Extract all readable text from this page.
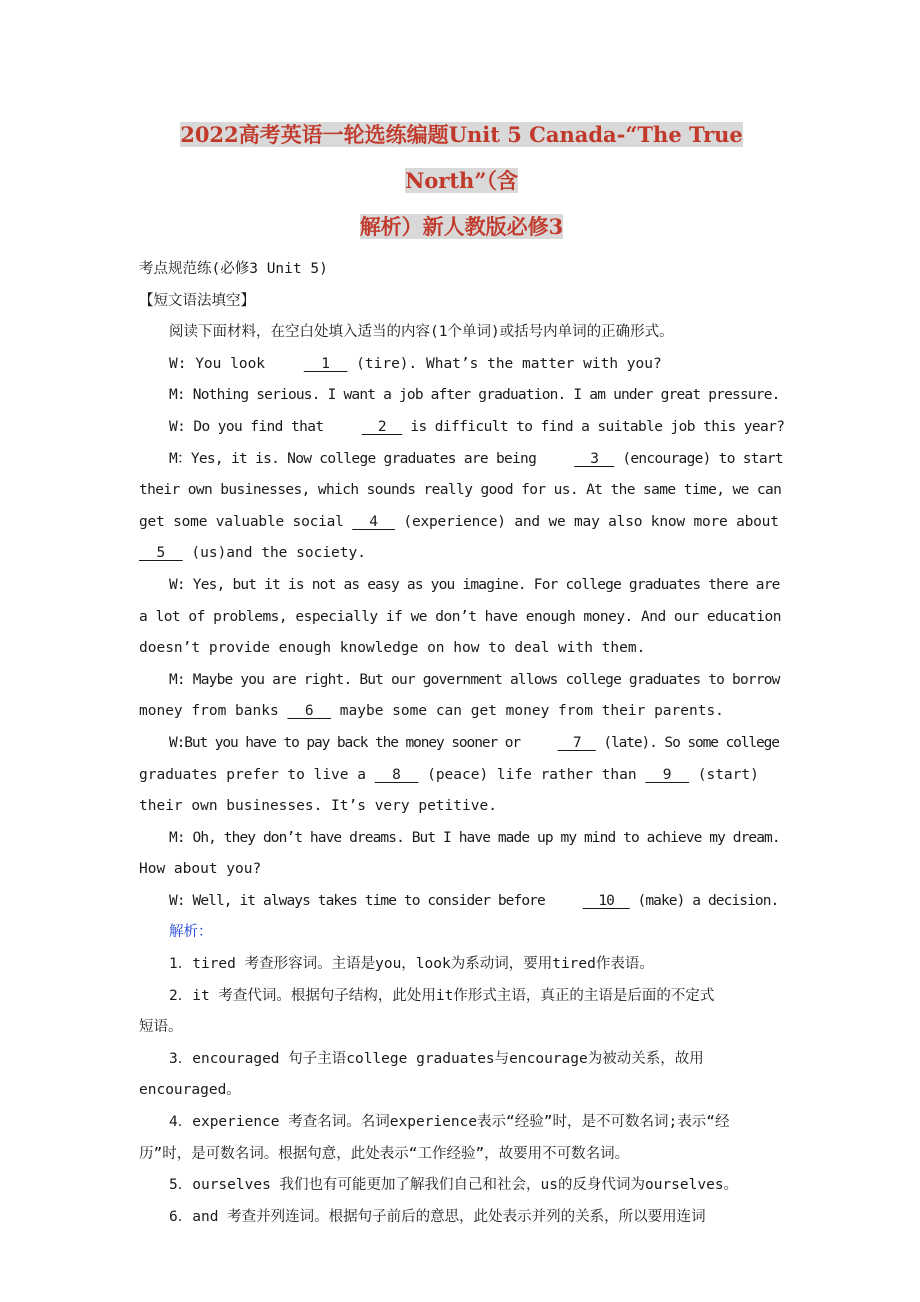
2022高考英语一轮选练编题Unit 5 Canada-“The True North”（含

解析）新人教版必修3

考点规范练(必修3 Unit 5)

【短文语法填空】

阅读下面材料，在空白处填入适当的内容(1个单词)或括号内单词的正确形式。

W: You look   1   (tire). What’s the matter with you?

M: Nothing serious. I want a job after graduation. I am under great pressure.

W: Do you find that   2   is difficult to find a suitable job this year?

M：Yes, it is. Now college graduates are being   3   (encourage) to start

their own businesses, which sounds really good for us. At the same time, we can

get some valuable social   4   (experience) and we may also know more about

5   (us)and the society.

W: Yes, but it is not as easy as you imagine. For college graduates there are

a lot of problems, especially if we don’t have enough money. And our education

doesn’t provide enough knowledge on how to deal with them.

M: Maybe you are right. But our government allows college graduates to borrow

money from banks   6   maybe some can get money from their parents.

W:But you have to pay back the money sooner or   7   (late). So some college

graduates prefer to live a   8   (peace) life rather than   9   (start)

their own businesses. It’s very petitive.

M: Oh, they don’t have dreams. But I have made up my mind to achieve my dream.

How about you?

W: Well, it always takes time to consider before   10   (make) a decision.

解析：

1．tired 考查形容词。主语是you，look为系动词，要用tired作表语。

2．it 考查代词。根据句子结构，此处用it作形式主语，真正的主语是后面的不定式

短语。

3．encouraged 句子主语college graduates与encourage为被动关系，故用

encouraged。

4．experience 考查名词。名词experience表示“经验”时，是不可数名词;表示“经

历”时，是可数名词。根据句意，此处表示“工作经验”，故要用不可数名词。

5．ourselves 我们也有可能更加了解我们自己和社会，us的反身代词为ourselves。

6．and 考查并列连词。根据句子前后的意思，此处表示并列的关系，所以要用连词
